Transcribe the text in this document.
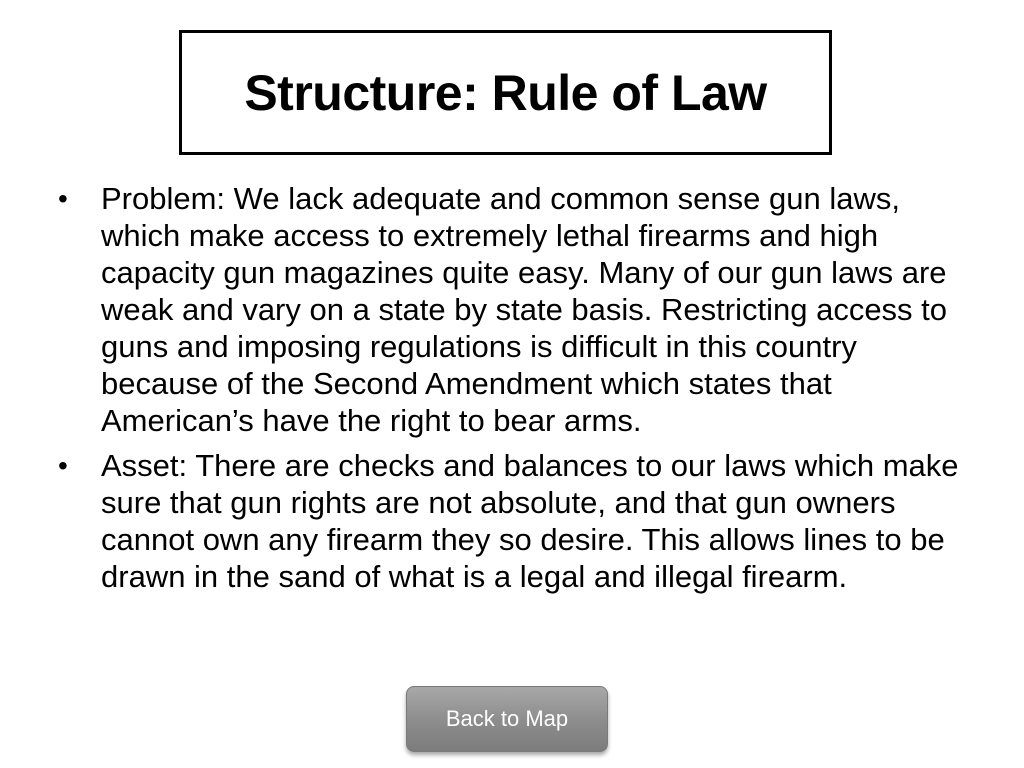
Structure: Rule of Law
• Problem: We lack adequate and common sense gun laws, which make access to extremely lethal firearms and high capacity gun magazines quite easy. Many of our gun laws are weak and vary on a state by state basis. Restricting access to guns and imposing regulations is difficult in this country because of the Second Amendment which states that American’s have the right to bear arms.
• Asset: There are checks and balances to our laws which make sure that gun rights are not absolute, and that gun owners cannot own any firearm they so desire. This allows lines to be drawn in the sand of what is a legal and illegal firearm.
Back to Map
